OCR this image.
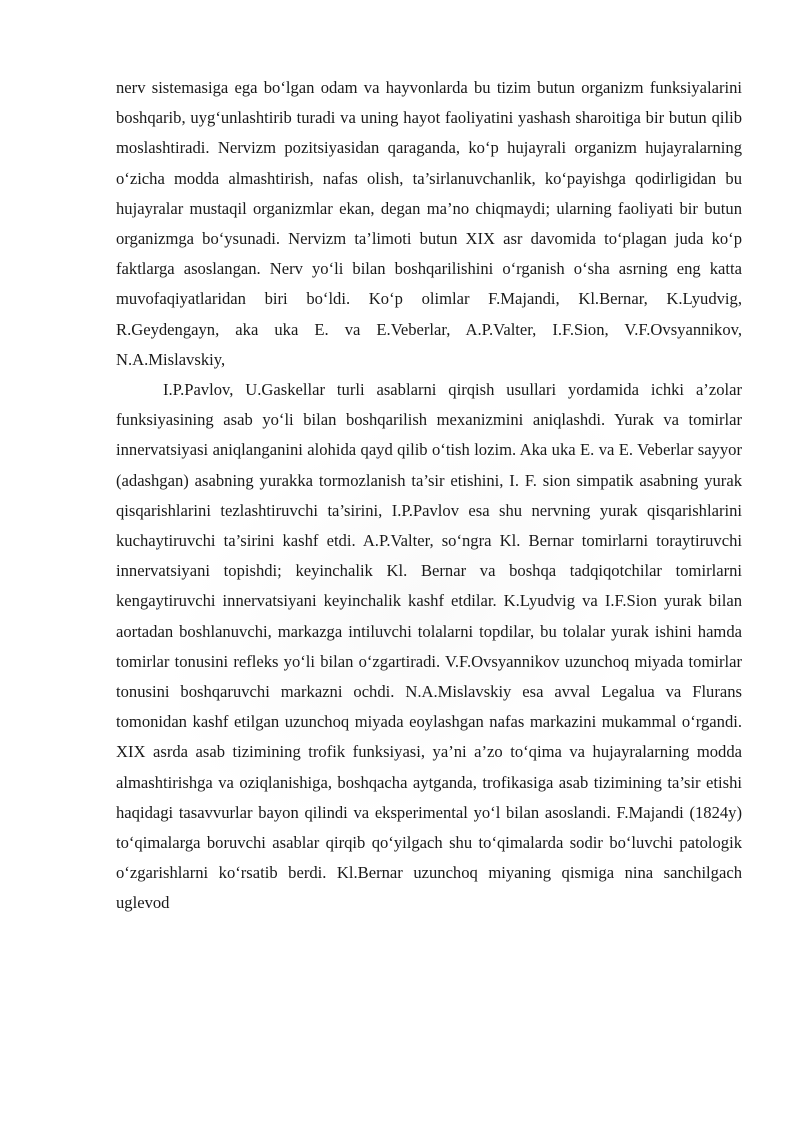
nerv sistemasiga ega bo‘lgan odam va hayvonlarda bu tizim butun organizm funksiyalarini boshqarib, uyg‘unlashtirib turadi va uning hayot faoliyatini yashash sharoitiga bir butun qilib moslashtiradi. Nervizm pozitsiyasidan qaraganda, ko‘p hujayrali organizm hujayralarning o‘zicha modda almashtirish, nafas olish, ta’sirlanuvchanlik, ko‘payishga qodirligidan bu hujayralar mustaqil organizmlar ekan, degan ma’no chiqmaydi; ularning faoliyati bir butun organizmga bo‘ysunadi. Nervizm ta’limoti butun XIX asr davomida to‘plagan juda ko‘p faktlarga asoslangan. Nerv yo‘li bilan boshqarilishini o‘rganish o‘sha asrning eng katta muvofaqiyatlaridan biri bo‘ldi. Ko‘p olimlar F.Majandi, Kl.Bernar, K.Lyudvig, R.Geydengayn, aka uka E. va E.Veberlar, A.P.Valter, I.F.Sion, V.F.Ovsyannikov, N.A.Mislavskiy,

I.P.Pavlov, U.Gaskellar turli asablarni qirqish usullari yordamida ichki a’zolar funksiyasining asab yo‘li bilan boshqarilish mexanizmini aniqlashdi. Yurak va tomirlar innervatsiyasi aniqlanganini alohida qayd qilib o‘tish lozim. Aka uka E. va E. Veberlar sayyor (adashgan) asabning yurakka tormozlanish ta’sir etishini, I. F. sion simpatik asabning yurak qisqarishlarini tezlashtiruvchi ta’sirini, I.P.Pavlov esa shu nervning yurak qisqarishlarini kuchaytiruvchi ta’sirini kashf etdi. A.P.Valter, so‘ngra Kl. Bernar tomirlarni toraytiruvchi innervatsiyani topishdi; keyinchalik Kl. Bernar va boshqa tadqiqotchilar tomirlarni kengaytiruvchi innervatsiyani keyinchalik kashf etdilar. K.Lyudvig va I.F.Sion yurak bilan aortadan boshlanuvchi, markazga intiluvchi tolalarni topdilar, bu tolalar yurak ishini hamda tomirlar tonusini refleks yo‘li bilan o‘zgartiradi. V.F.Ovsyannikov uzunchoq miyada tomirlar tonusini boshqaruvchi markazni ochdi. N.A.Mislavskiy esa avval Legalua va Flurans tomonidan kashf etilgan uzunchoq miyada eoylashgan nafas markazini mukammal o‘rgandi. XIX asrda asab tizimining trofik funksiyasi, ya’ni a’zo to‘qima va hujayralarning modda almashtirishga va oziqlanishiga, boshqacha aytganda, trofikasiga asab tizimining ta’sir etishi haqidagi tasavvurlar bayon qilindi va eksperimental yo‘l bilan asoslandi. F.Majandi (1824y) to‘qimalarga boruvchi asablar qirqib qo‘yilgach shu to‘qimalarda sodir bo‘luvchi patologik o‘zgarishlarni ko‘rsatib berdi. Kl.Bernar uzunchoq miyaning qismiga nina sanchilgach uglevod
